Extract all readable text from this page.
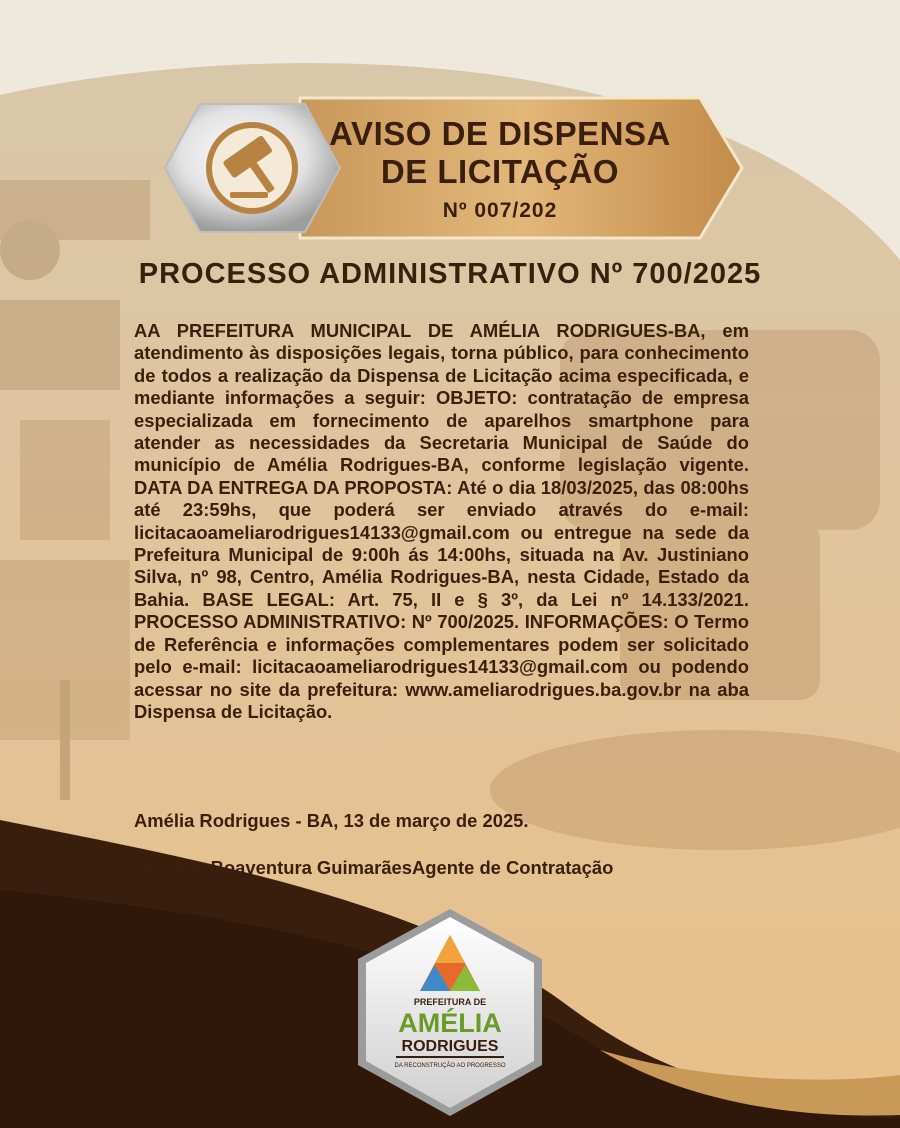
AVISO DE DISPENSA
DE LICITAÇÃO
Nº 007/202
PROCESSO ADMINISTRATIVO Nº 700/2025

AA PREFEITURA MUNICIPAL DE AMÉLIA RODRIGUES-BA, em atendimento às disposições legais, torna público, para conhecimento de todos a realização da Dispensa de Licitação acima especificada, e mediante informações a seguir: OBJETO: contratação de empresa especializada em fornecimento de aparelhos smartphone para atender as necessidades da Secretaria Municipal de Saúde do município de Amélia Rodrigues-BA, conforme legislação vigente. DATA DA ENTREGA DA PROPOSTA: Até o dia 18/03/2025, das 08:00hs até 23:59hs, que poderá ser enviado através do e-mail: licitacaoameliarodrigues14133@gmail.com ou entregue na sede da Prefeitura Municipal de 9:00h ás 14:00hs, situada na Av. Justiniano Silva, nº 98, Centro, Amélia Rodrigues-BA, nesta Cidade, Estado da Bahia. BASE LEGAL: Art. 75, II e § 3º, da Lei nº 14.133/2021. PROCESSO ADMINISTRATIVO: Nº 700/2025. INFORMAÇÕES: O Termo de Referência e informações complementares podem ser solicitado pelo e-mail: licitacaoameliarodrigues14133@gmail.com ou podendo acessar no site da prefeitura: www.ameliarodrigues.ba.gov.br na aba Dispensa de Licitação.

Amélia Rodrigues - BA, 13 de março de 2025.

Duciene Boaventura GuimarãesAgente de Contratação

PREFEITURA DE
AMÉLIA
RODRIGUES
DA RECONSTRUÇÃO AO PROGRESSO
